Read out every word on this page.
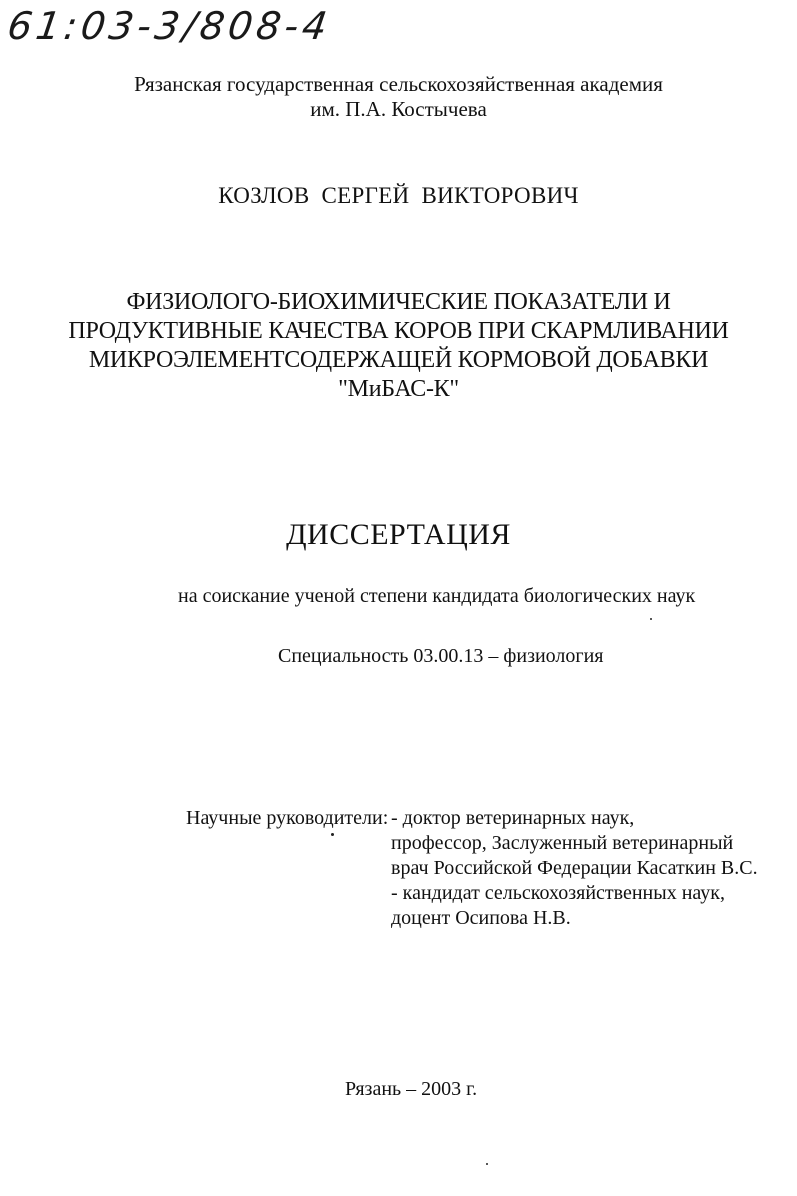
61:03-3/808-4
Рязанская государственная сельскохозяйственная академия
им. П.А. Костычева
КОЗЛОВ СЕРГЕЙ ВИКТОРОВИЧ
ФИЗИОЛОГО-БИОХИМИЧЕСКИЕ ПОКАЗАТЕЛИ И
ПРОДУКТИВНЫЕ КАЧЕСТВА КОРОВ ПРИ СКАРМЛИВАНИИ
МИКРОЭЛЕМЕНТСОДЕРЖАЩЕЙ КОРМОВОЙ ДОБАВКИ
"МиБАС-К"
ДИССЕРТАЦИЯ
на соискание ученой степени кандидата биологических наук
Специальность 03.00.13 – физиология
Научные руководители: - доктор ветеринарных наук,
профессор, Заслуженный ветеринарный
врач Российской Федерации Касаткин В.С.
- кандидат сельскохозяйственных наук,
доцент Осипова Н.В.
Рязань – 2003 г.
